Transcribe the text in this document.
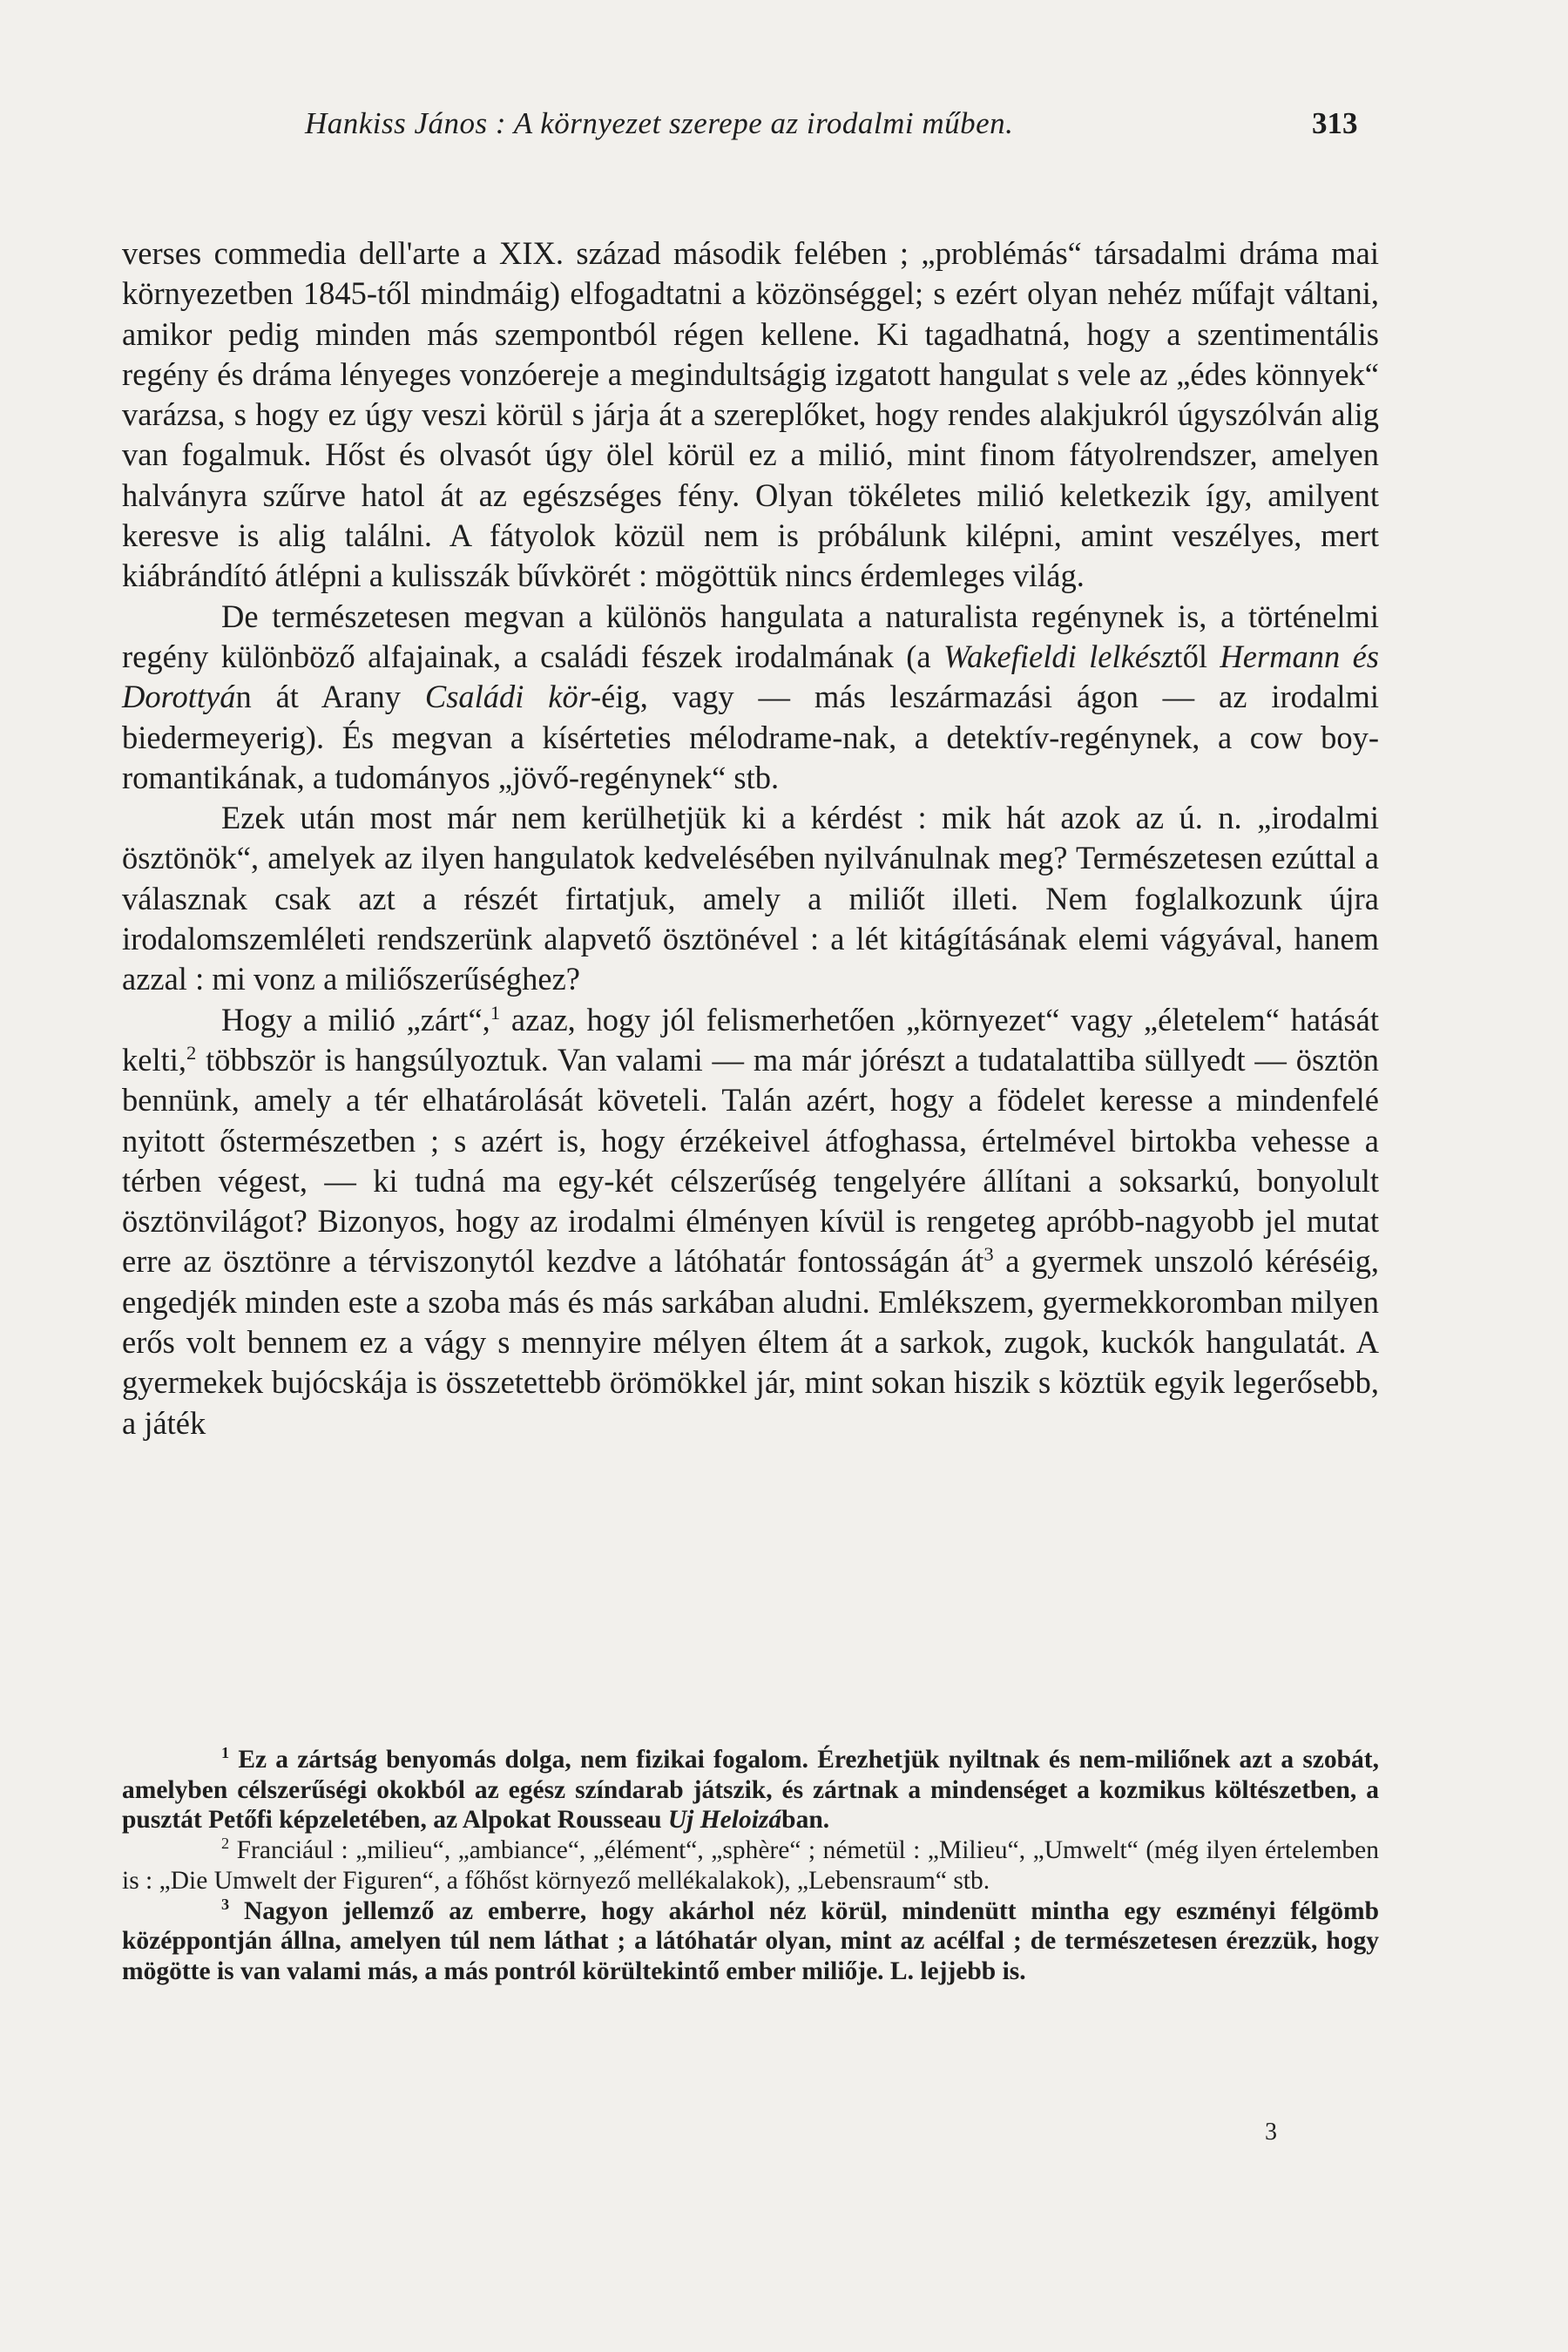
Hankiss János : A környezet szerepe az irodalmi műben.	313

verses commedia dell'arte a XIX. század második felében ; „problémás“ társadalmi dráma mai környezetben 1845-től mindmáig) elfogadtatni a közönséggel; s ezért olyan nehéz műfajt váltani, amikor pedig minden más szempontból régen kellene. Ki tagadhatná, hogy a szentimentális regény és dráma lényeges vonzóereje a megindultságig izgatott hangulat s vele az „édes könnyek“ varázsa, s hogy ez úgy veszi körül s járja át a szereplőket, hogy rendes alakjukról úgyszólván alig van fogalmuk. Hőst és olvasót úgy ölel körül ez a milió, mint finom fátyolrendszer, amelyen halványra szűrve hatol át az egészséges fény. Olyan tökéletes milió keletkezik így, amilyent keresve is alig találni. A fátyolok közül nem is próbálunk kilépni, amint veszélyes, mert kiábrándító átlépni a kulisszák bűvkörét : mögöttük nincs érdemleges világ.

De természetesen megvan a különös hangulata a naturalista regénynek is, a történelmi regény különböző alfajainak, a családi fészek irodalmának (a Wakefieldi lelkésztől Hermann és Dorottyán át Arany Családi kör-éig, vagy — más leszármazási ágon — az irodalmi biedermeyerig). És megvan a kísérteties mélodrame-nak, a detektív-regénynek, a cow boy-romantikának, a tudományos „jövő-regénynek“ stb.

Ezek után most már nem kerülhetjük ki a kérdést : mik hát azok az ú. n. „irodalmi ösztönök“, amelyek az ilyen hangulatok kedvelésében nyilvánulnak meg? Természetesen ezúttal a válasznak csak azt a részét firtatjuk, amely a miliőt illeti. Nem foglalkozunk újra irodalomszemléleti rendszerünk alapvető ösztönével : a lét kitágításának elemi vágyával, hanem azzal : mi vonz a miliőszerűséghez?

Hogy a milió „zárt“,$^1$ azaz, hogy jól felismerhetően „környezet“ vagy „életelem“ hatását kelti,$^2$ többször is hangsúlyoztuk. Van valami — ma már jórészt a tudatalattiba süllyedt — ösztön bennünk, amely a tér elhatárolását követeli. Talán azért, hogy a födelet keresse a mindenfelé nyitott őstermészetben ; s azért is, hogy érzékeivel átfoghassa, értelmével birtokba vehesse a térben végest, — ki tudná ma egy-két célszerűség tengelyére állítani a soksarkú, bonyolult ösztönvilágot? Bizonyos, hogy az irodalmi élményen kívül is rengeteg apróbb-nagyobb jel mutat erre az ösztönre a térviszonytól kezdve a látóhatár fontosságán $át^3$ a gyermek unszoló kéréséig, engedjék minden este a szoba más és más sarkában aludni. Emlékszem, gyermekkoromban milyen erős volt bennem ez a vágy s mennyire mélyen éltem át a sarkok, zugok, kuckók hangulatát. A gyermekek bujócskája is összetettebb örömökkel jár, mint sokan hiszik s köztük egyik legerősebb, a játék

$^1$ Ez a zártság benyomás dolga, nem fizikai fogalom. Érezhetjük nyiltnak és nem-miliőnek azt a szobát, amelyben célszerűségi okokból az egész színdarab játszik, és zártnak a mindenséget a kozmikus költészetben, a pusztát Petőfi képzeletében, az Alpokat Rousseau Uj Heloizában.

$^2$ Franciául : „milieu“, „ambiance“, „élément“, „sphère“ ; németül : „Milieu“, „Umwelt“ (még ilyen értelemben is : „Die Umwelt der Figuren“, a főhőst környező mellékalakok), „Lebensraum“ stb.

$^3$ Nagyon jellemző az emberre, hogy akárhol néz körül, mindenütt mintha egy eszményi félgömb középpontján állna, amelyen túl nem láthat ; a látóhatár olyan, mint az acélfal ; de természetesen érezzük, hogy mögötte is van valami más, a más pontról körültekintő ember miliője. L. lejjebb is.

3
